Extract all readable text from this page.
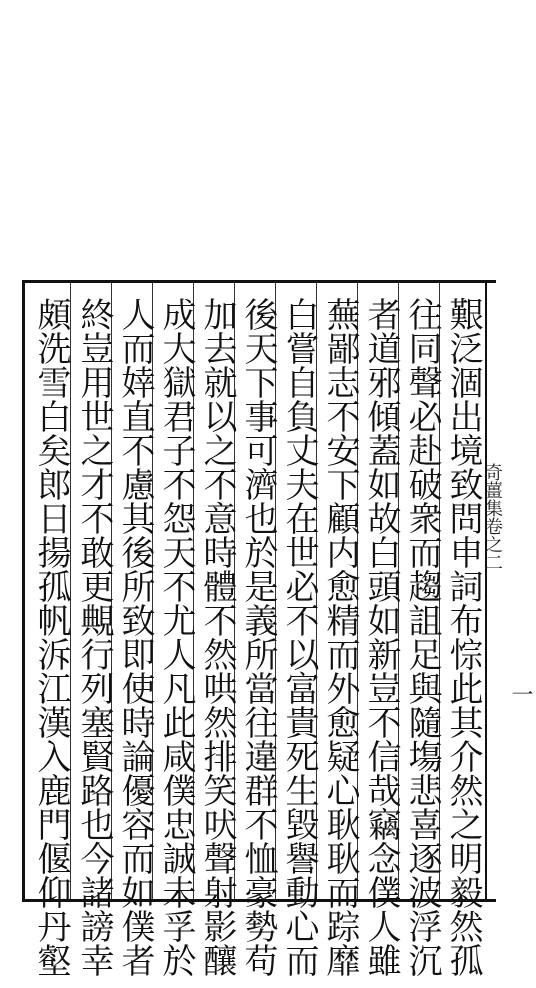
艱泛涸出境致問申詞布悰此其介然之明毅然孤
往同聲必赴破衆而趨詛足與隨塲悲喜逐波浮沉
者道邪傾蓋如故白頭如新豈不信哉竊念僕人雖
蕪鄙志不安下顧内愈精而外愈疑心耿耿而踪靡
白嘗自負丈夫在世必不以富貴死生毀譽動心而
後天下事可濟也於是義所當往違群不恤豪勢苟
加去就以之不意時體不然哄然排笑吠聲射影釀
成大獄君子不怨天不尤人凡此咸僕忠誠未孚於
人而婞直不慮其後所致即使時論優容而如僕者
終豈用世之才不敢更覥行列塞賢路也今諸謗幸
頗洗雪白矣郎日揚孤帆泝江漢入鹿門偃仰丹壑	奇薑集卷之二
一
